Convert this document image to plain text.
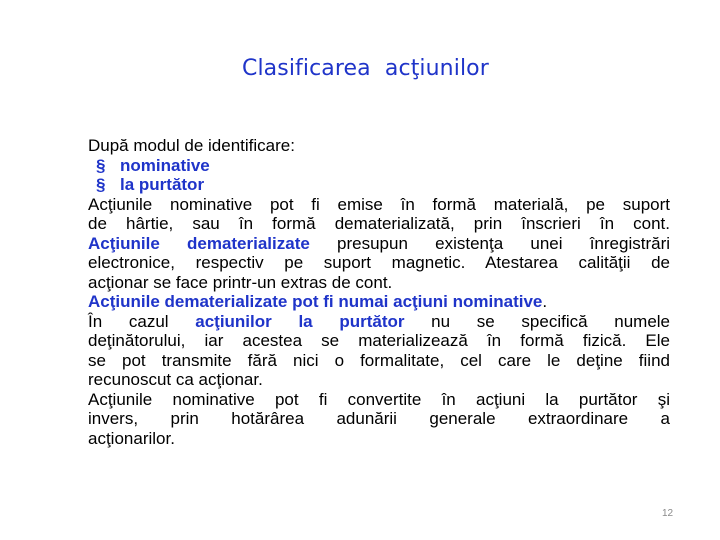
Clasificarea  acţiunilor

După modul de identificare:

§ nominative

§ la purtător

Acţiunile nominative pot fi emise în formă materială, pe suport

de hârtie, sau în formă dematerializată, prin înscrieri în cont.

Acţiunile dematerializate presupun existenţa unei înregistrări

electronice, respectiv pe suport magnetic. Atestarea calităţii de

acţionar se face printr-un extras de cont.

Acţiunile dematerializate pot fi numai acţiuni nominative.

În cazul acţiunilor la purtător nu se specifică numele

deţinătorului, iar acestea se materializează în formă fizică. Ele

se pot transmite fără nici o formalitate, cel care le deţine fiind

recunoscut ca acţionar.

Acţiunile nominative pot fi convertite în acţiuni la purtător şi

invers, prin hotărârea adunării generale extraordinare a

acţionarilor.

12
